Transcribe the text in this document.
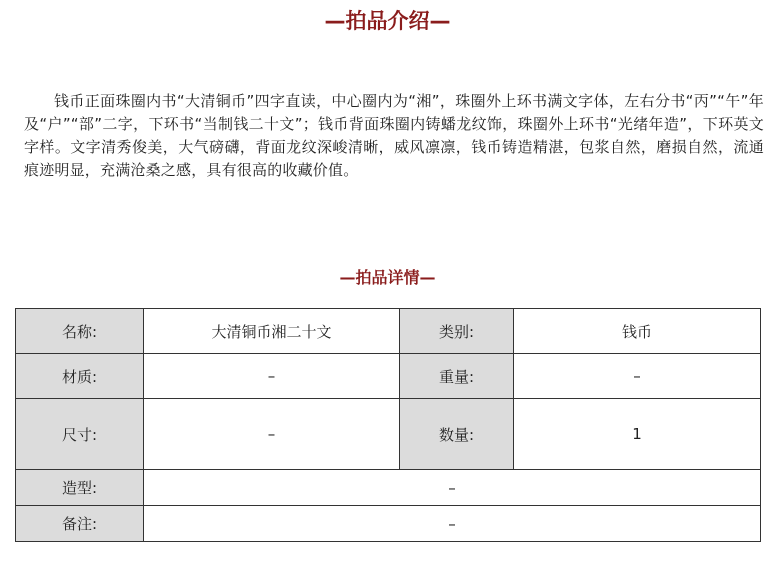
—拍品介绍—

钱币正面珠圈内书“大清铜币”四字直读，中心圈内为“湘”，珠圈外上环书满文字体，左右分书“丙”“午”年及“户”“部”二字，下环书“当制钱二十文”；钱币背面珠圈内铸蟠龙纹饰，珠圈外上环书“光绪年造”，下环英文字样。文字清秀俊美，大气磅礴，背面龙纹深峻清晰，威风凛凛，钱币铸造精湛，包浆自然，磨损自然，流通痕迹明显，充满沧桑之感，具有很高的收藏价值。

—拍品详情—
名称:	大清铜币湘二十文	类别:	钱币
材质:	–	重量:	–
尺寸:	–	数量:	1
造型:	–		
备注:	–		
